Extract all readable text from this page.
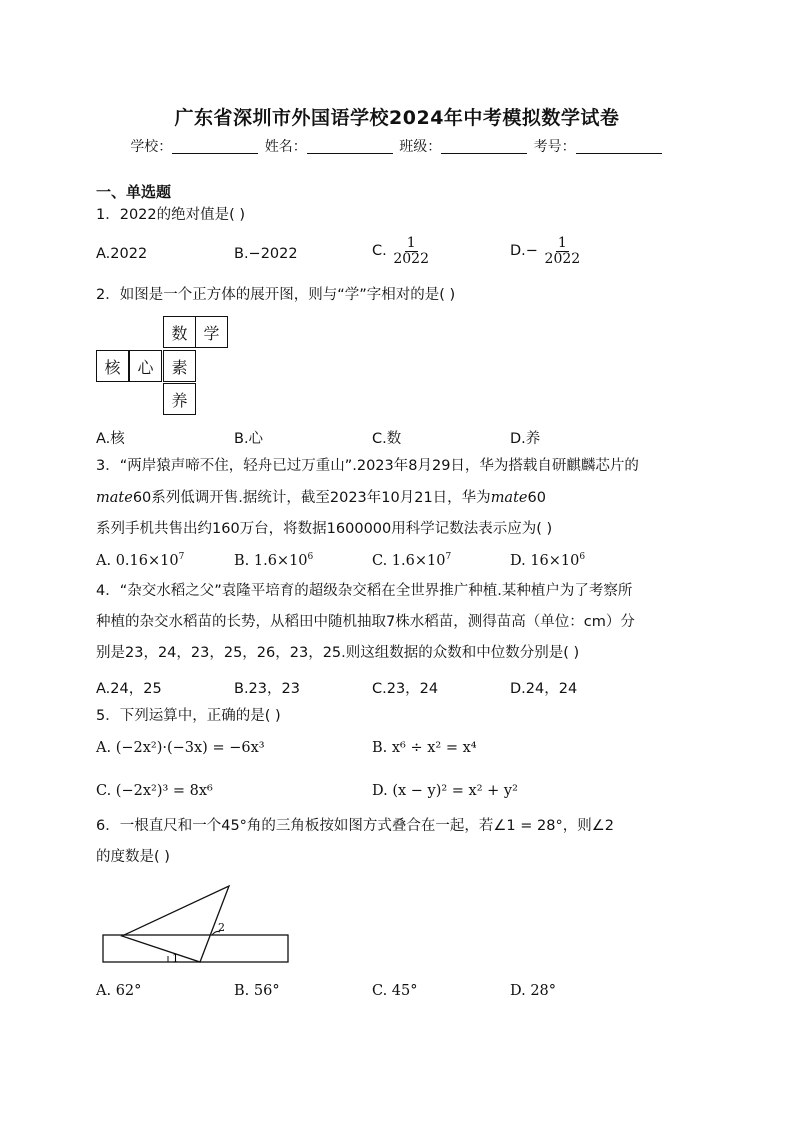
广东省深圳市外国语学校2024年中考模拟数学试卷
学校：	姓名：	班级：	考号：
一、单选题
1．2022的绝对值是( )
A.2022	B.−2022	C. $\frac{1}{2022}$	$D.- \frac{1}{2022}$
2．如图是一个正方体的展开图，则与“学”字相对的是( )
数 学
核	心	素
养
A.核	B.心	C.数	D.养
3．“两岸猿声啼不住，轻舟已过万重山”.2023年8月29日，华为搭载自研麒麟芯片的
mate60系列低调开售.据统计，截至2023年10月21日，华为mate60
系列手机共售出约160万台，将数据1600000用科学记数法表示应为( )
A. $0.16\times 10^7$	B. $1.6\times 10^6$	C. $1.6\times 10^7$	D. $16\times 10^6$
4．“杂交水稻之父”袁隆平培育的超级杂交稻在全世界推广种植.某种植户为了考察所
种植的杂交水稻苗的长势，从稻田中随机抽取7株水稻苗，测得苗高（单位：cm）分
别是23，24，23，25，26，23，25.则这组数据的众数和中位数分别是( )
A.24，25	B.23，23	C.23，24	D.24，24
5．下列运算中，正确的是( )
A. (−2x²)·(−3x) = −6x³	B. x⁶ ÷ x² = x⁴
C. (−2x²)³ = 8x⁶	D. (x − y)² = x² + y²
6．一根直尺和一个45°角的三角板按如图方式叠合在一起，若∠1 = 28°，则∠2
的度数是( )
1
2
A. 62°	B. 56°	C. 45°	D. 28°
